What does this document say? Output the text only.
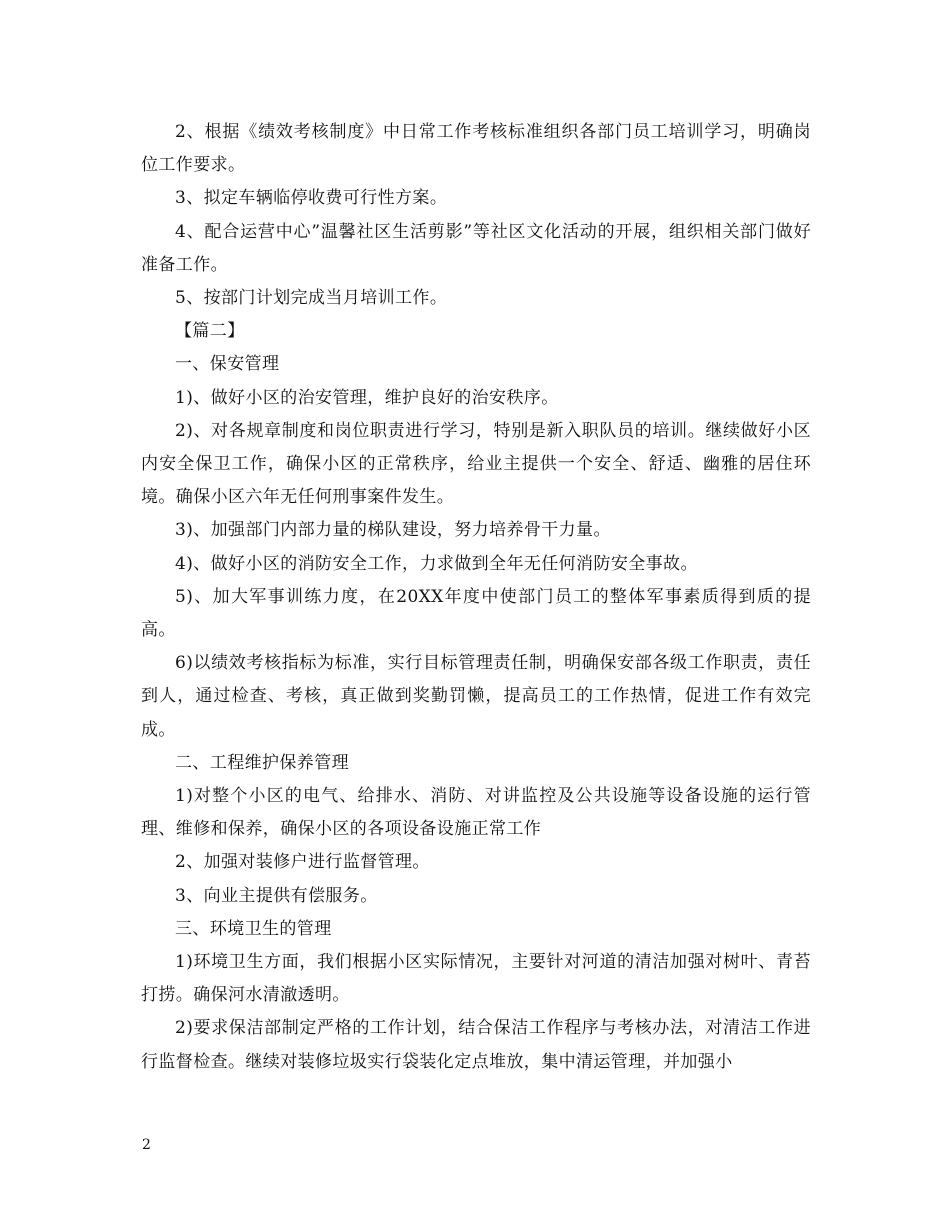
2、根据《绩效考核制度》中日常工作考核标准组织各部门员工培训学习，明确岗位工作要求。

3、拟定车辆临停收费可行性方案。

4、配合运营中心”温馨社区生活剪影”等社区文化活动的开展，组织相关部门做好准备工作。

5、按部门计划完成当月培训工作。

【篇二】

一、保安管理

1)、做好小区的治安管理，维护良好的治安秩序。

2)、对各规章制度和岗位职责进行学习，特别是新入职队员的培训。继续做好小区内安全保卫工作，确保小区的正常秩序，给业主提供一个安全、舒适、幽雅的居住环境。确保小区六年无任何刑事案件发生。

3)、加强部门内部力量的梯队建设，努力培养骨干力量。

4)、做好小区的消防安全工作，力求做到全年无任何消防安全事故。

5)、加大军事训练力度，在20XX年度中使部门员工的整体军事素质得到质的提高。

6)以绩效考核指标为标准，实行目标管理责任制，明确保安部各级工作职责，责任到人，通过检查、考核，真正做到奖勤罚懒，提高员工的工作热情，促进工作有效完成。

二、工程维护保养管理

1)对整个小区的电气、给排水、消防、对讲监控及公共设施等设备设施的运行管理、维修和保养，确保小区的各项设备设施正常工作

2、加强对装修户进行监督管理。

3、向业主提供有偿服务。

三、环境卫生的管理

1)环境卫生方面，我们根据小区实际情况，主要针对河道的清洁加强对树叶、青苔打捞。确保河水清澈透明。

2)要求保洁部制定严格的工作计划，结合保洁工作程序与考核办法，对清洁工作进行监督检查。继续对装修垃圾实行袋装化定点堆放，集中清运管理，并加强小

2
